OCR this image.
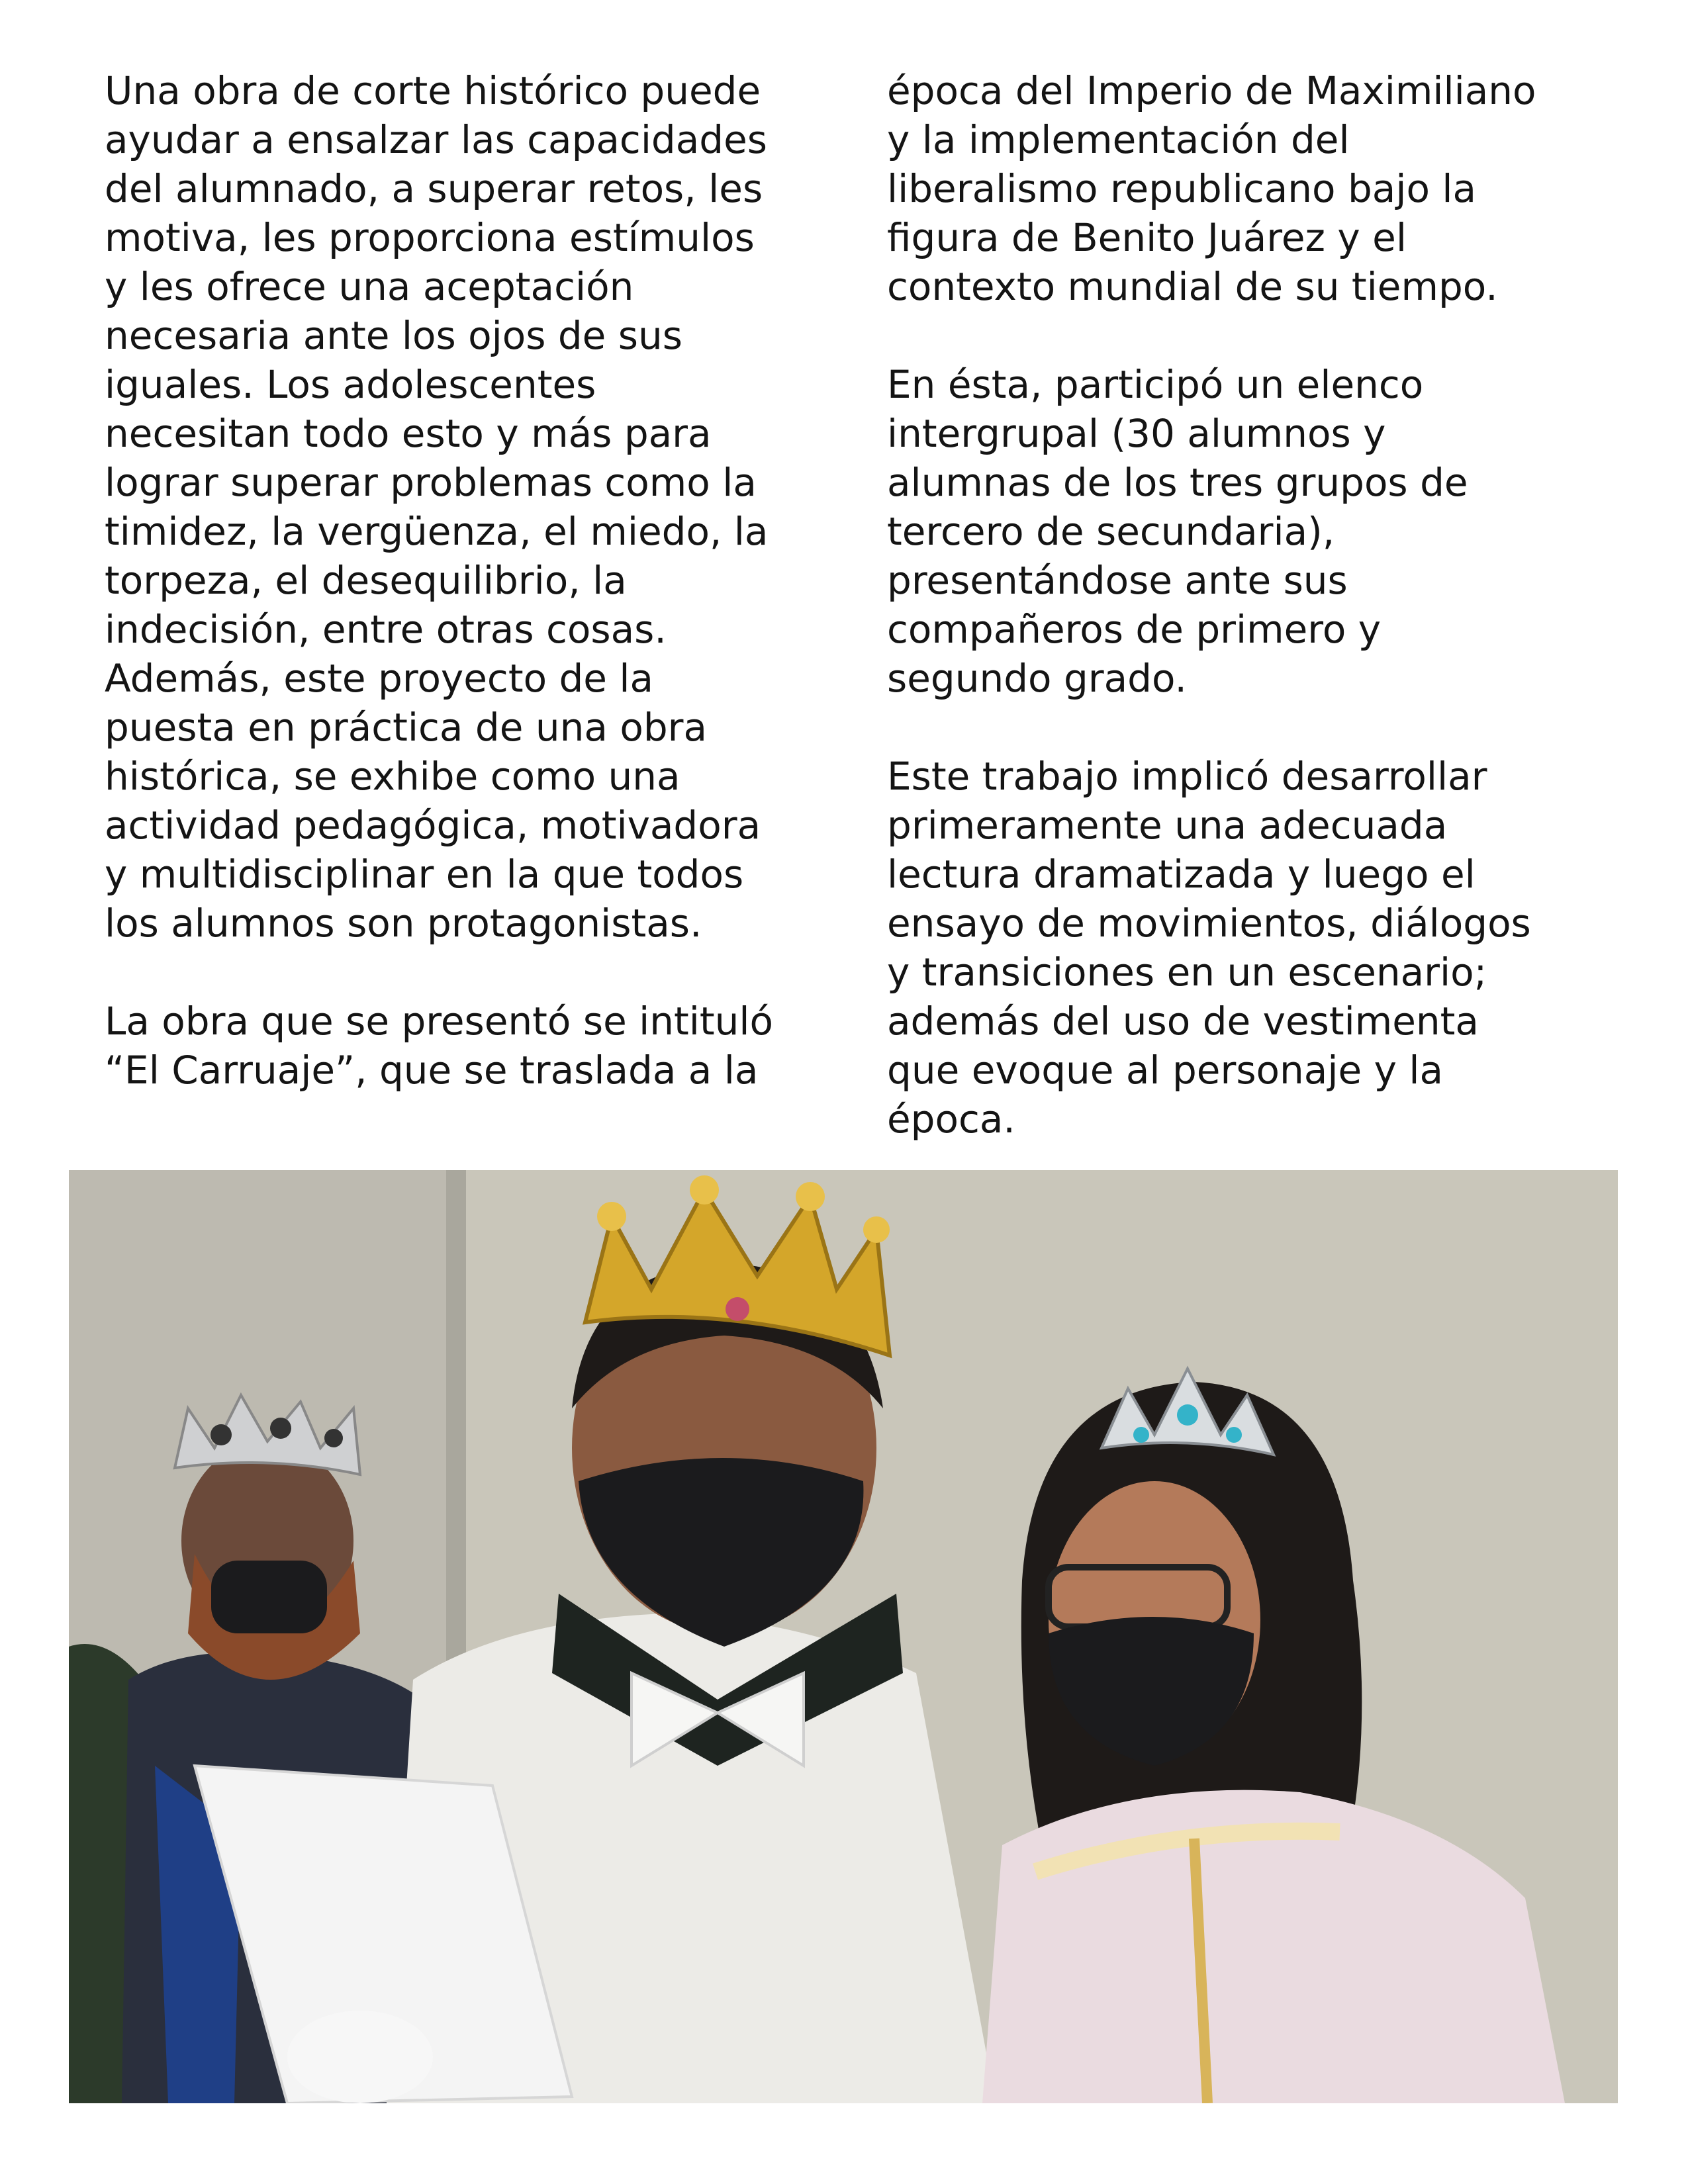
Una obra de corte histórico puede
ayudar a ensalzar las capacidades
del alumnado, a superar retos, les
motiva, les proporciona estímulos
y les ofrece una aceptación
necesaria ante los ojos de sus
iguales. Los adolescentes
necesitan todo esto y más para
lograr superar problemas como la
timidez, la vergüenza, el miedo, la
torpeza, el desequilibrio, la
indecisión, entre otras cosas.
Además, este proyecto de la
puesta en práctica de una obra
histórica, se exhibe como una
actividad pedagógica, motivadora
y multidisciplinar en la que todos
los alumnos son protagonistas.

La obra que se presentó se intituló
“El Carruaje”, que se traslada a la

época del Imperio de Maximiliano
y la implementación del
liberalismo republicano bajo la
figura de Benito Juárez y el
contexto mundial de su tiempo.

En ésta, participó un elenco
intergrupal (30 alumnos y
alumnas de los tres grupos de
tercero de secundaria),
presentándose ante sus
compañeros de primero y
segundo grado.

Este trabajo implicó desarrollar
primeramente una adecuada
lectura dramatizada y luego el
ensayo de movimientos, diálogos
y transiciones en un escenario;
además del uso de vestimenta
que evoque al personaje y la
época.
